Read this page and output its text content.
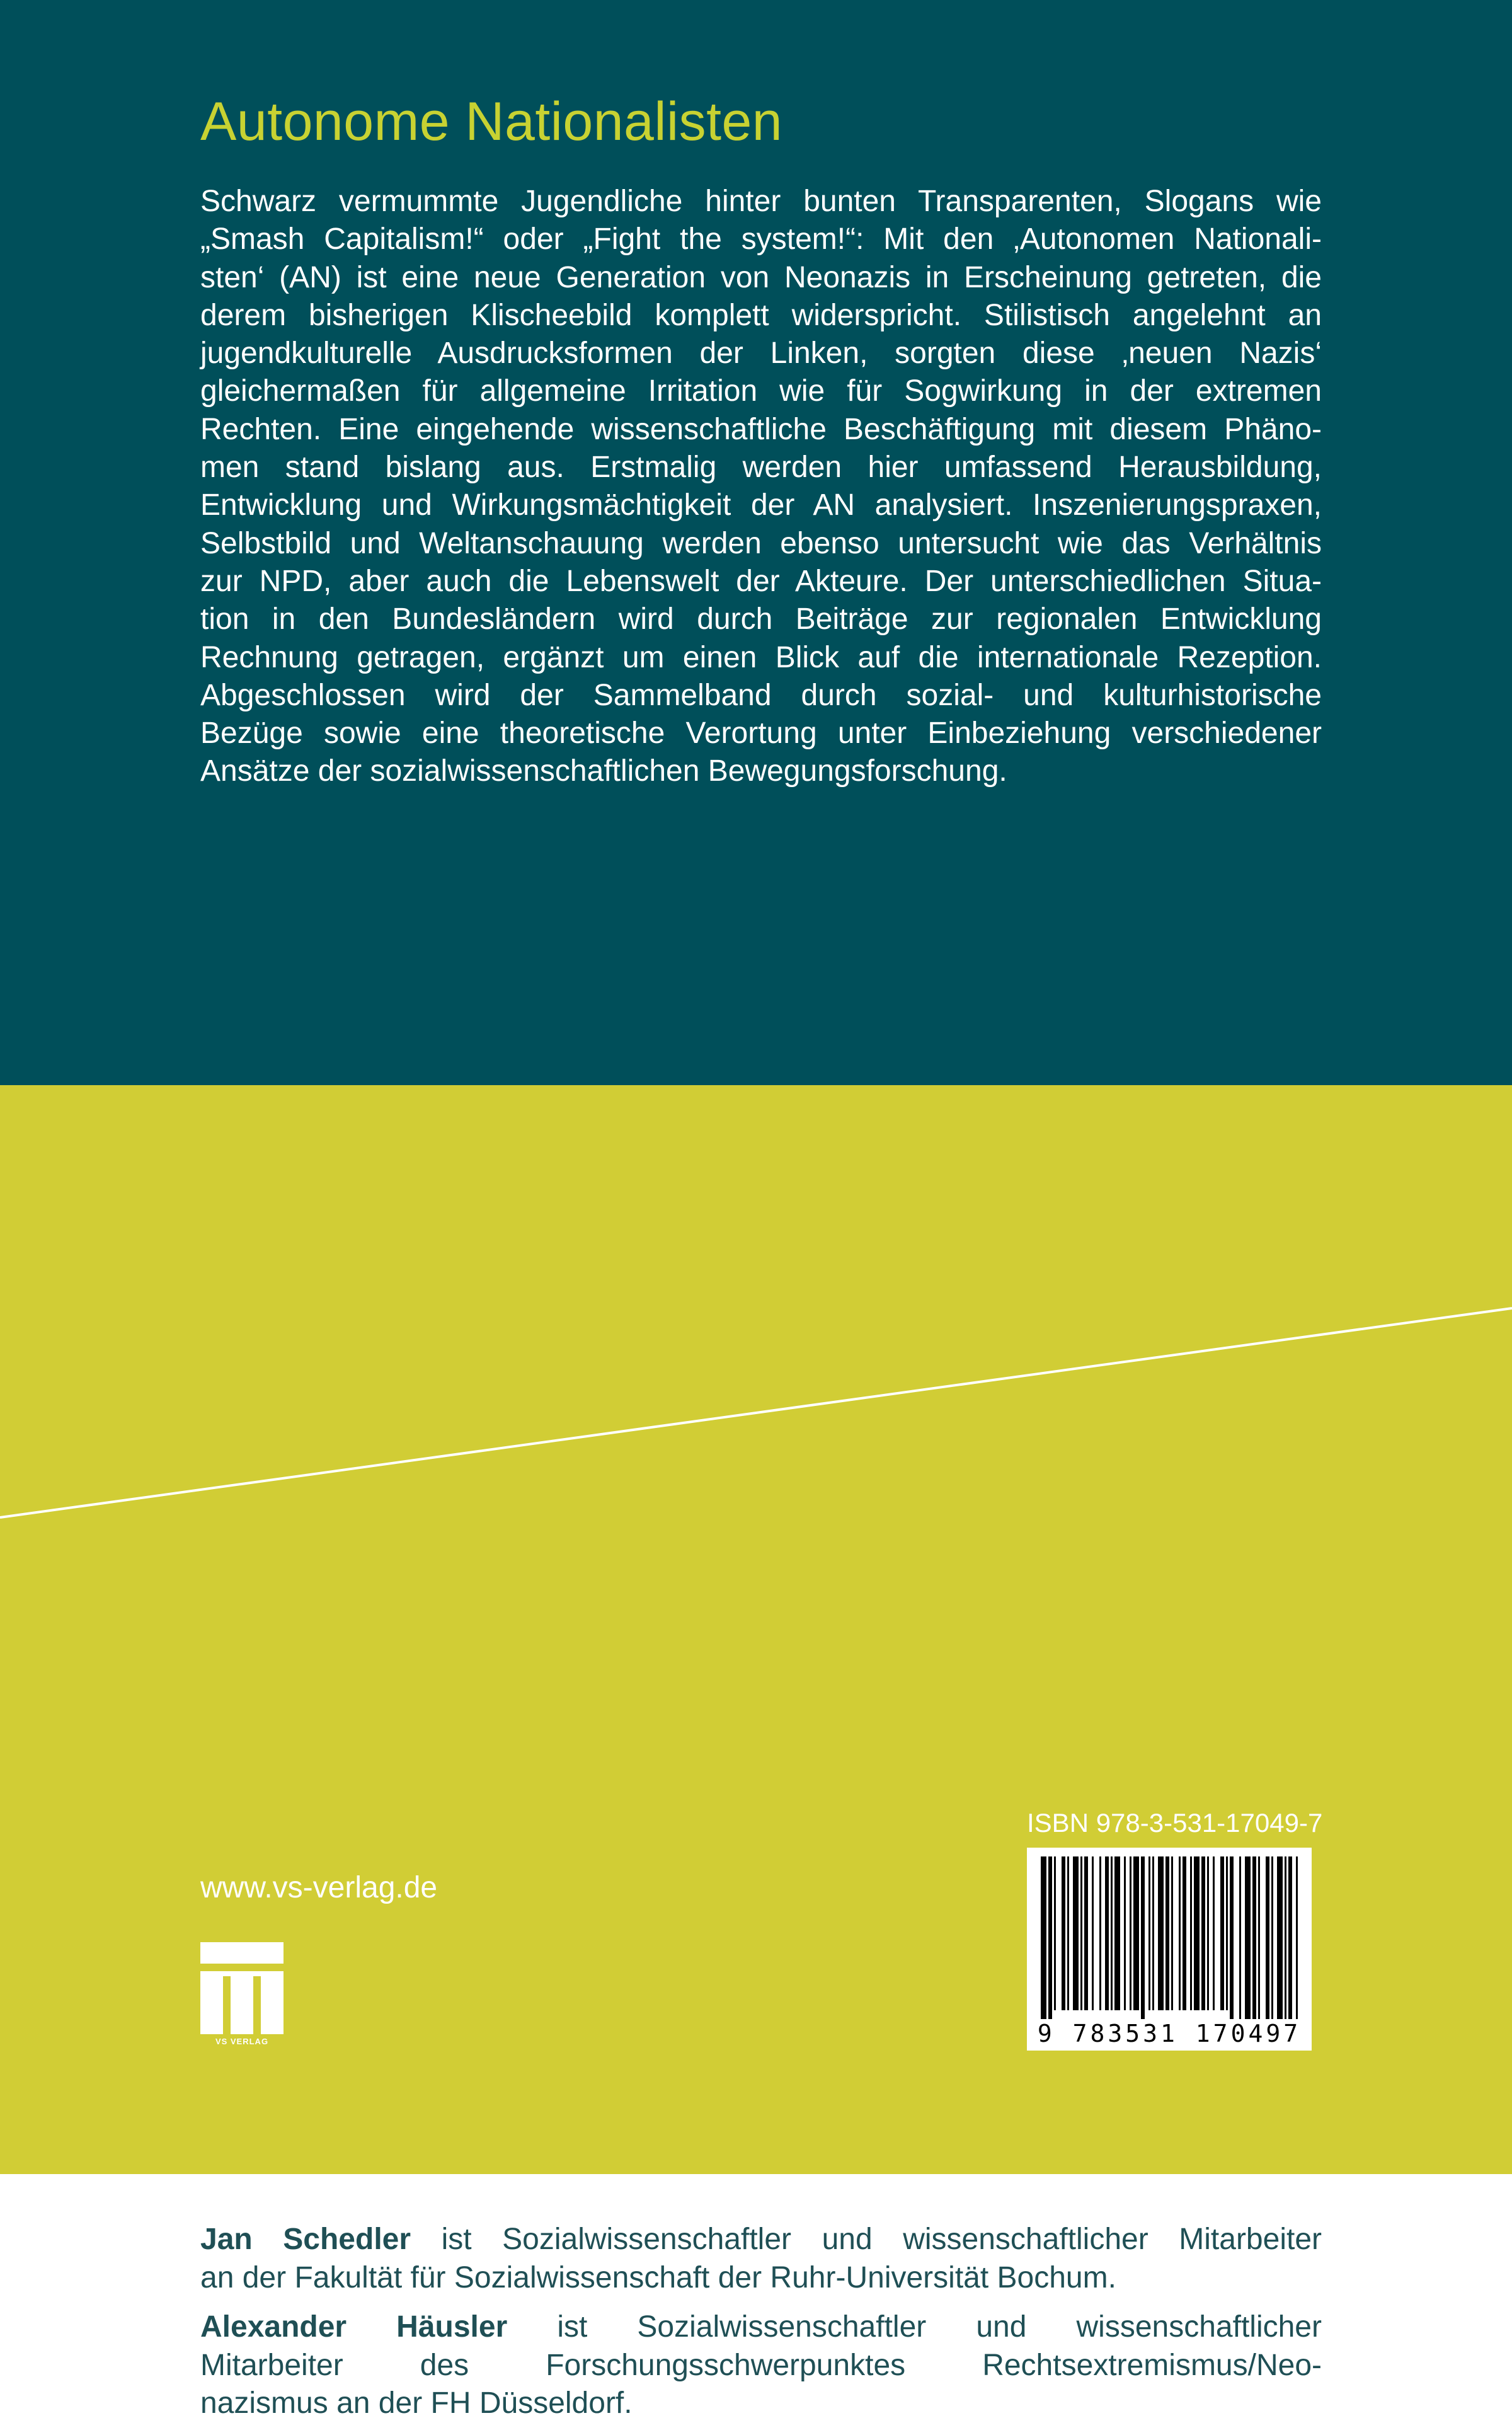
Autonome Nationalisten
Schwarz vermummte Jugendliche hinter bunten Transparenten, Slogans wie
„Smash Capitalism!“ oder „Fight the system!“: Mit den ‚Autonomen Nationali-
sten‘ (AN) ist eine neue Generation von Neonazis in Erscheinung getreten, die
derem bisherigen Klischeebild komplett widerspricht. Stilistisch angelehnt an
jugendkulturelle Ausdrucksformen der Linken, sorgten diese ‚neuen Nazis‘
gleichermaßen für allgemeine Irritation wie für Sogwirkung in der extremen
Rechten. Eine eingehende wissenschaftliche Beschäftigung mit diesem Phäno-
men stand bislang aus. Erstmalig werden hier umfassend Herausbildung,
Entwicklung und Wirkungsmächtigkeit der AN analysiert. Inszenierungspraxen,
Selbstbild und Weltanschauung werden ebenso untersucht wie das Verhältnis
zur NPD, aber auch die Lebenswelt der Akteure. Der unterschiedlichen Situa-
tion in den Bundesländern wird durch Beiträge zur regionalen Entwicklung
Rechnung getragen, ergänzt um einen Blick auf die internationale Rezeption.
Abgeschlossen wird der Sammelband durch sozial- und kulturhistorische
Bezüge sowie eine theoretische Verortung unter Einbeziehung verschiedener
Ansätze der sozialwissenschaftlichen Bewegungsforschung.
Jan Schedler ist Sozialwissenschaftler und wissenschaftlicher Mitarbeiter
an der Fakultät für Sozialwissenschaft der Ruhr-Universität Bochum.
Alexander Häusler ist Sozialwissenschaftler und wissenschaftlicher
Mitarbeiter des Forschungsschwerpunktes Rechtsextremismus/Neo-
nazismus an der FH Düsseldorf.
www.vs-verlag.de
VS VERLAG
ISBN 978-3-531-17049-7
9 783531 170497
